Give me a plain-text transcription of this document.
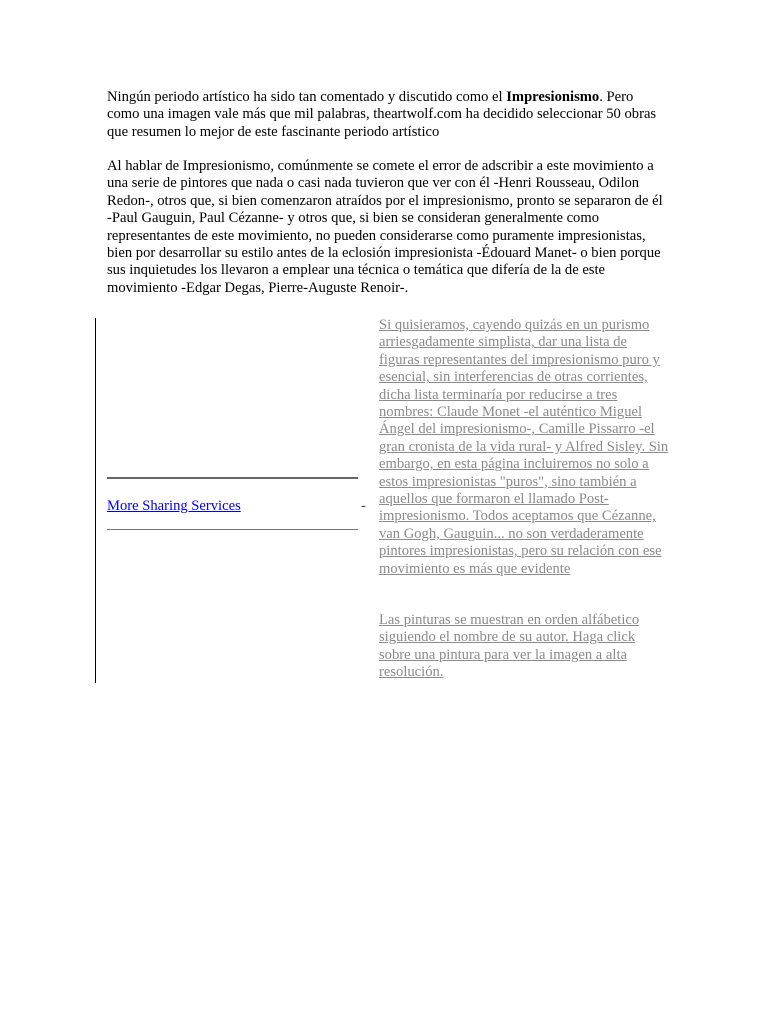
Ningún periodo artístico ha sido tan comentado y discutido como el Impresionismo. Pero como una imagen vale más que mil palabras, theartwolf.com ha decidido seleccionar 50 obras que resumen lo mejor de este fascinante periodo artístico

Al hablar de Impresionismo, comúnmente se comete el error de adscribir a este movimiento a una serie de pintores que nada o casi nada tuvieron que ver con él -Henri Rousseau, Odilon Redon-, otros que, si bien comenzaron atraídos por el impresionismo, pronto se separaron de él -Paul Gauguin, Paul Cézanne- y otros que, si bien se consideran generalmente como representantes de este movimiento, no pueden considerarse como puramente impresionistas, bien por desarrollar su estilo antes de la eclosión impresionista -Édouard Manet- o bien porque sus inquietudes los llevaron a emplear una técnica o temática que difería de la de este movimiento -Edgar Degas, Pierre-Auguste Renoir-.

More Sharing Services	-

Si quisieramos, cayendo quizás en un purismo arriesgadamente simplista, dar una lista de figuras representantes del impresionismo puro y esencial, sin interferencias de otras corrientes, dicha lista terminaría por reducirse a tres nombres: Claude Monet -el auténtico Miguel Ángel del impresionismo-, Camille Pissarro -el gran cronista de la vida rural- y Alfred Sisley. Sin embargo, en esta página incluiremos no solo a estos impresionistas "puros", sino también a aquellos que formaron el llamado Post-impresionismo. Todos aceptamos que Cézanne, van Gogh, Gauguin... no son verdaderamente pintores impresionistas, pero su relación con ese movimiento es más que evidente

Las pinturas se muestran en orden alfábetico siguiendo el nombre de su autor. Haga click sobre una pintura para ver la imagen a alta resolución.
